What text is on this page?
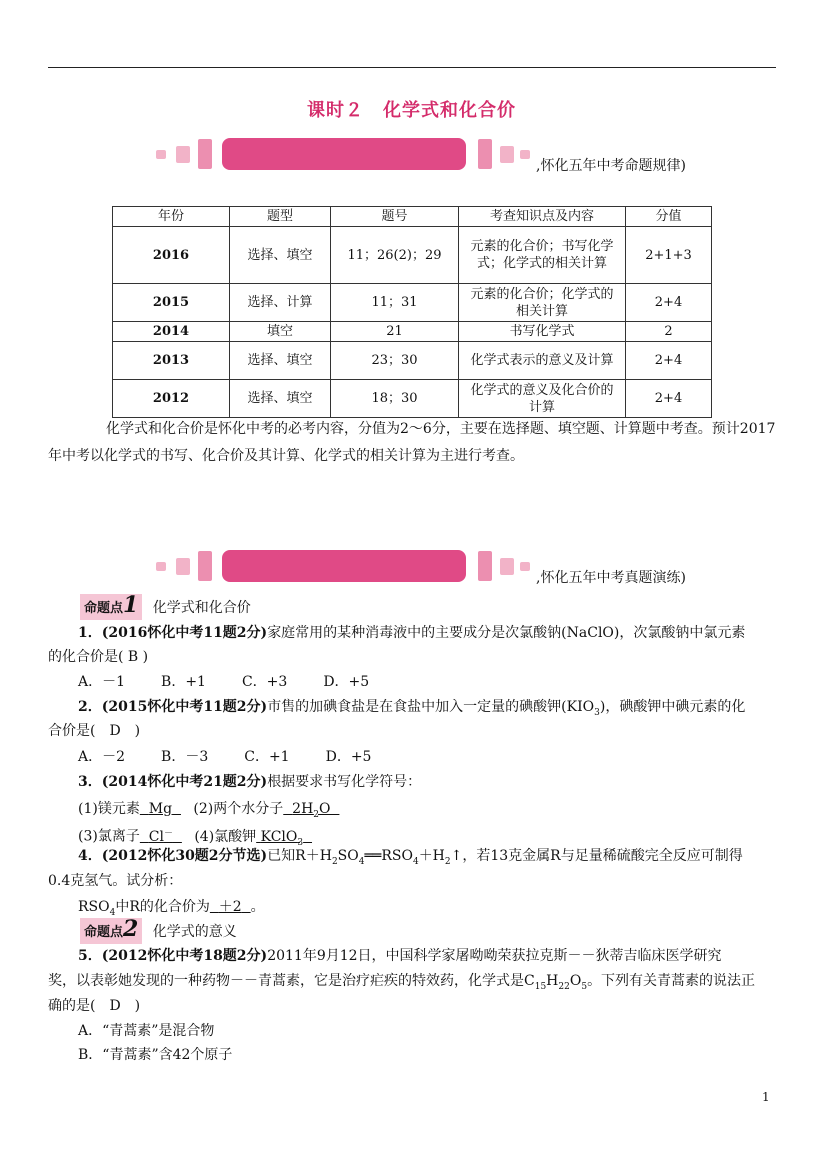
课时２　化学式和化合价
,怀化五年中考命题规律)
年份	题型	题号	考查知识点及内容	分值
2016	选择、填空	11；26(2)；29	元素的化合价；书写化学式；化学式的相关计算	2+1+3
2015	选择、计算	11；31	元素的化合价；化学式的相关计算	2+4
2014	填空	21	书写化学式	2
2013	选择、填空	23；30	化学式表示的意义及计算	2+4
2012	选择、填空	18；30	化学式的意义及化合价的计算	2+4
化学式和化合价是怀化中考的必考内容，分值为2～6分，主要在选择题、填空题、计算题中考查。预计2017年中考以化学式的书写、化合价及其计算、化学式的相关计算为主进行考查。
,怀化五年中考真题演练)
命题点1 化学式和化合价
1．(2016怀化中考11题2分)家庭常用的某种消毒液中的主要成分是次氯酸钠(NaClO)，次氯酸钠中氯元素
的化合价是( B )
A．－1	B．+1	C．+3	D．+5
2．(2015怀化中考11题2分)市售的加碘食盐是在食盐中加入一定量的碘酸钾$(KIO_3)$，碘酸钾中碘元素的化
合价是(　D　)
A．－2	B．－3	C．+1	D．+5
3．(2014怀化中考21题2分)根据要求书写化学符号：
(1)镁元素 Mg (2)两个水分子 $2H_2O$
(3)氯离子 Cl－ (4)氯酸钾 KClO$_3$
4．(2012怀化30题2分节选)已知$R+H_2SO_4══RSO_4+H_2↑$，若13克金属R与足量稀硫酸完全反应可制得
0.4克氢气。试分析：
$RSO_4$中R的化合价为 ＋2 。
命题点2 化学式的意义
5．(2012怀化中考18题2分)2011年9月12日，中国科学家屠呦呦荣获拉克斯－－狄蒂吉临床医学研究
奖，以表彰她发现的一种药物－－青蒿素，它是治疗疟疾的特效药，化学式是$C_{15}H_{22}O_5$。下列有关青蒿素的说法正
确的是(　D　)
A．“青蒿素”是混合物
B．“青蒿素”含42个原子
1
